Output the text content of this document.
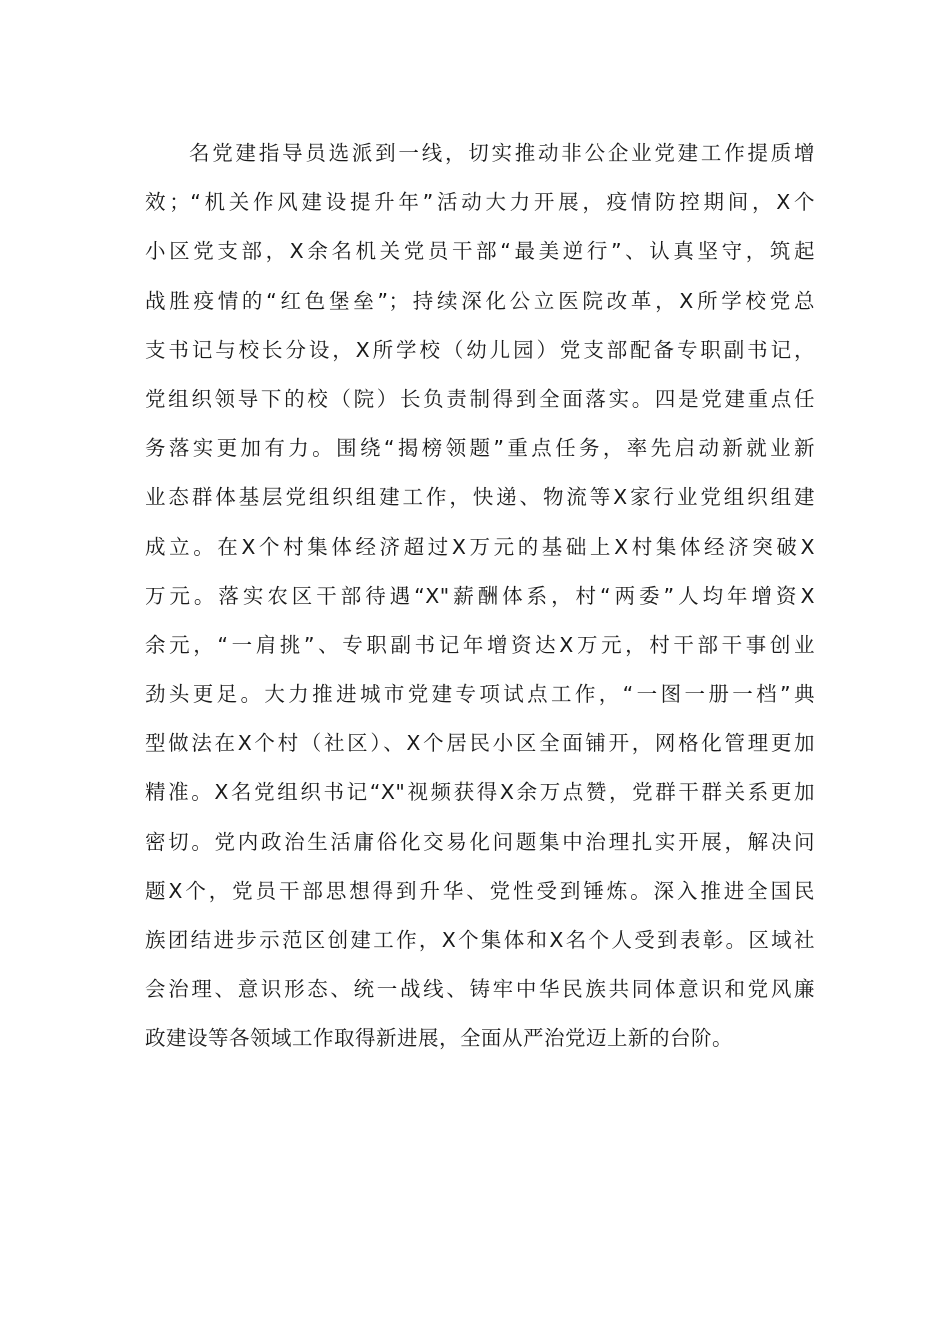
名党建指导员选派到一线，切实推动非公企业党建工作提质增
效；“机关作风建设提升年”活动大力开展，疫情防控期间，X个
小区党支部，X余名机关党员干部“最美逆行”、认真坚守，筑起
战胜疫情的“红色堡垒”；持续深化公立医院改革，X所学校党总
支书记与校长分设，X所学校（幼儿园）党支部配备专职副书记，
党组织领导下的校（院）长负责制得到全面落实。四是党建重点任
务落实更加有力。围绕“揭榜领题”重点任务，率先启动新就业新
业态群体基层党组织组建工作，快递、物流等X家行业党组织组建
成立。在X个村集体经济超过X万元的基础上X村集体经济突破X
万元。落实农区干部待遇“X"薪酬体系，村“两委”人均年增资X
余元，“一肩挑”、专职副书记年增资达X万元，村干部干事创业
劲头更足。大力推进城市党建专项试点工作，“一图一册一档”典
型做法在X个村（社区）、X个居民小区全面铺开，网格化管理更加
精准。X名党组织书记“X"视频获得X余万点赞，党群干群关系更加
密切。党内政治生活庸俗化交易化问题集中治理扎实开展，解决问
题X个，党员干部思想得到升华、党性受到锤炼。深入推进全国民
族团结进步示范区创建工作，X个集体和X名个人受到表彰。区域社
会治理、意识形态、统一战线、铸牢中华民族共同体意识和党风廉
政建设等各领域工作取得新进展，全面从严治党迈上新的台阶。
